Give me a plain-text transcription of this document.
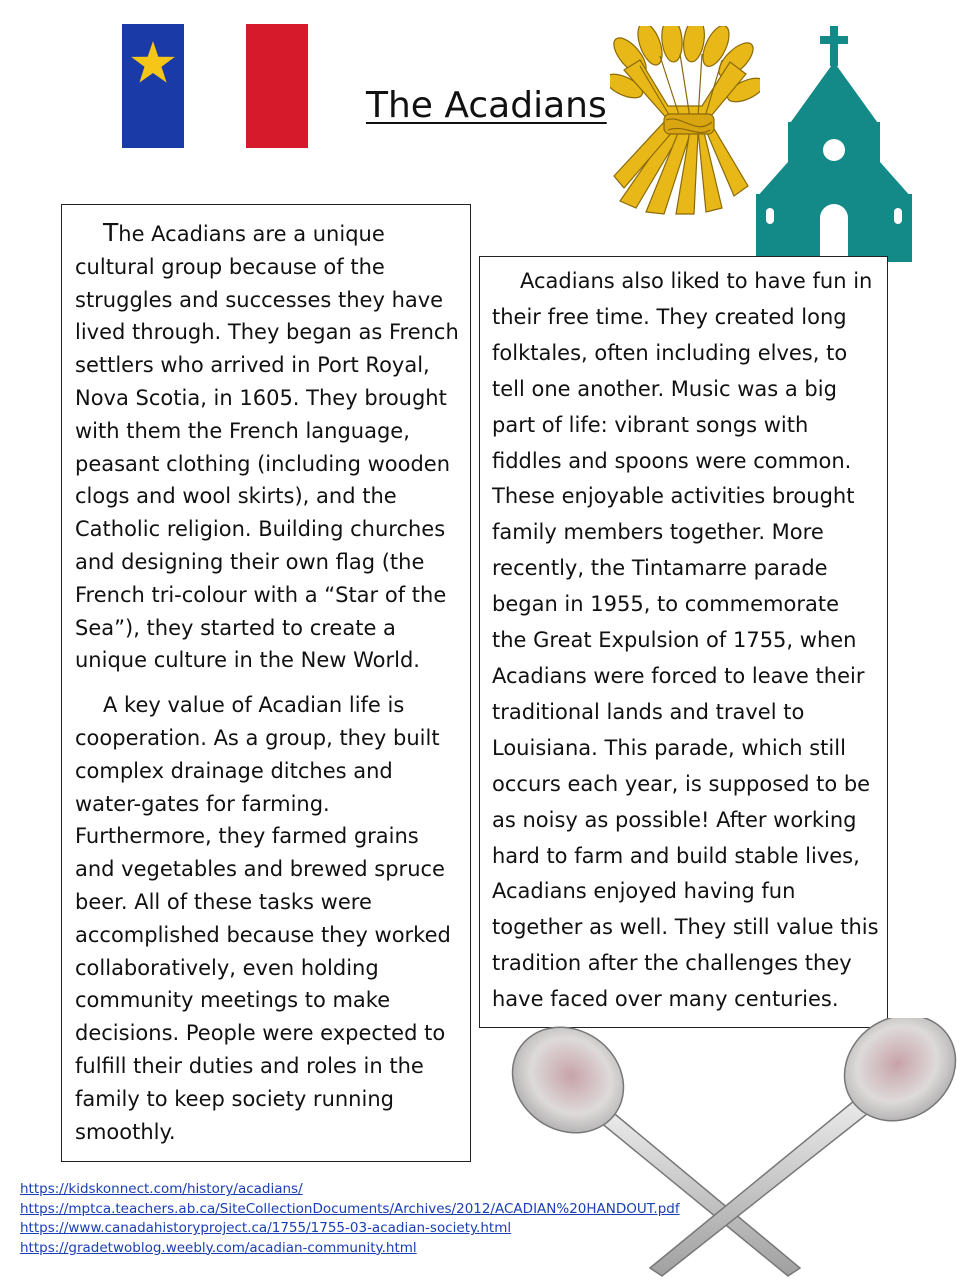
The Acadians

The Acadians are a unique cultural group because of the struggles and successes they have lived through. They began as French settlers who arrived in Port Royal, Nova Scotia, in 1605. They brought with them the French language, peasant clothing (including wooden clogs and wool skirts), and the Catholic religion. Building churches and designing their own flag (the French tri-colour with a “Star of the Sea”), they started to create a unique culture in the New World.

A key value of Acadian life is cooperation. As a group, they built complex drainage ditches and water-gates for farming. Furthermore, they farmed grains and vegetables and brewed spruce beer. All of these tasks were accomplished because they worked collaboratively, even holding community meetings to make decisions. People were expected to fulfill their duties and roles in the family to keep society running smoothly.

Acadians also liked to have fun in their free time. They created long folktales, often including elves, to tell one another. Music was a big part of life: vibrant songs with fiddles and spoons were common. These enjoyable activities brought family members together. More recently, the Tintamarre parade began in 1955, to commemorate the Great Expulsion of 1755, when Acadians were forced to leave their traditional lands and travel to Louisiana. This parade, which still occurs each year, is supposed to be as noisy as possible! After working hard to farm and build stable lives, Acadians enjoyed having fun together as well. They still value this tradition after the challenges they have faced over many centuries.

https://kidskonnect.com/history/acadians/
https://mptca.teachers.ab.ca/SiteCollectionDocuments/Archives/2012/ACADIAN%20HANDOUT.pdf
https://www.canadahistoryproject.ca/1755/1755-03-acadian-society.html
https://gradetwoblog.weebly.com/acadian-community.html
